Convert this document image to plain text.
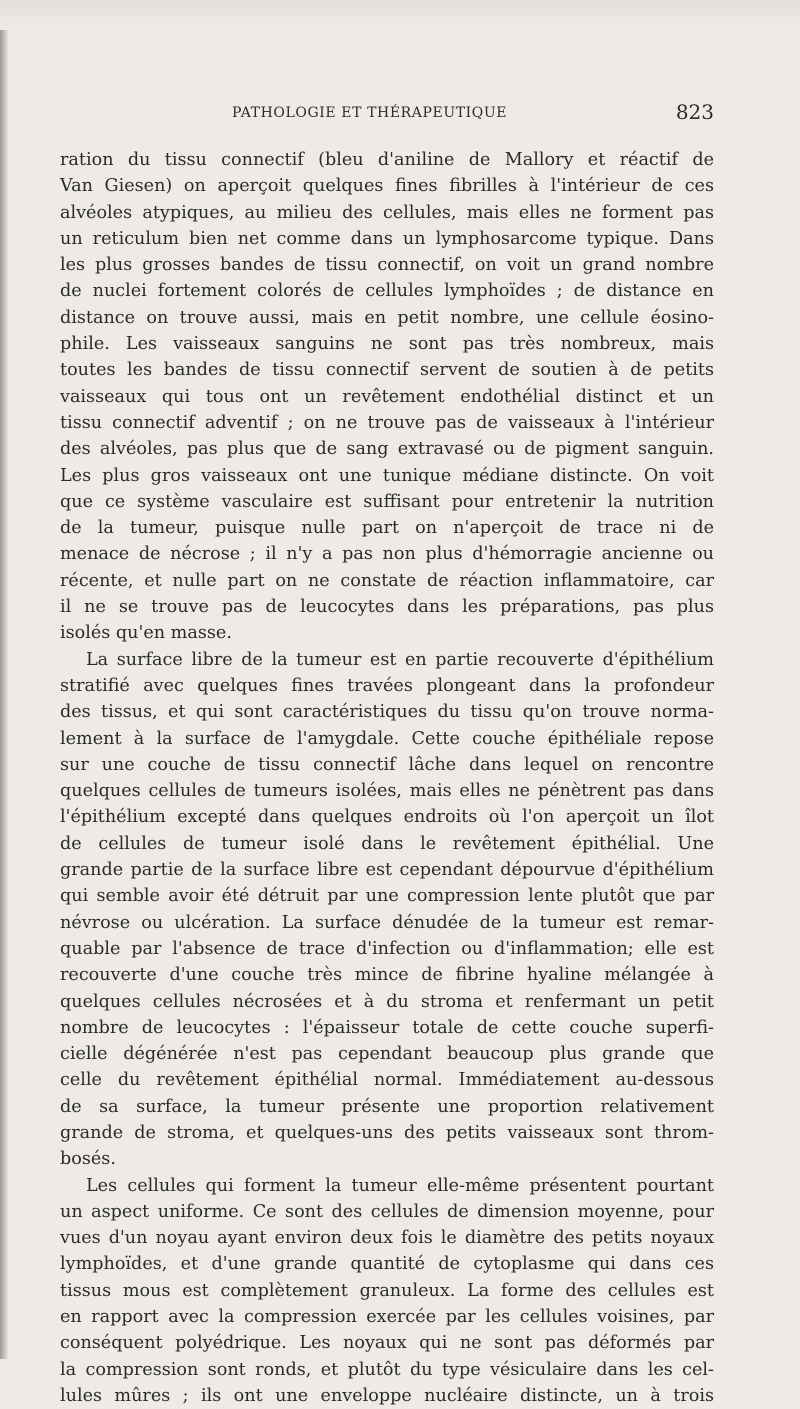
PATHOLOGIE ET THÉRAPEUTIQUE	823
ration du tissu connectif (bleu d'aniline de Mallory et réactif de
Van Giesen) on aperçoit quelques fines fibrilles à l'intérieur de ces
alvéoles atypiques, au milieu des cellules, mais elles ne forment pas
un reticulum bien net comme dans un lymphosarcome typique. Dans
les plus grosses bandes de tissu connectif, on voit un grand nombre
de nuclei fortement colorés de cellules lymphoïdes ; de distance en
distance on trouve aussi, mais en petit nombre, une cellule éosino-
phile. Les vaisseaux sanguins ne sont pas très nombreux, mais
toutes les bandes de tissu connectif servent de soutien à de petits
vaisseaux qui tous ont un revêtement endothélial distinct et un
tissu connectif adventif ; on ne trouve pas de vaisseaux à l'intérieur
des alvéoles, pas plus que de sang extravasé ou de pigment sanguin.
Les plus gros vaisseaux ont une tunique médiane distincte. On voit
que ce système vasculaire est suffisant pour entretenir la nutrition
de la tumeur, puisque nulle part on n'aperçoit de trace ni de
menace de nécrose ; il n'y a pas non plus d'hémorragie ancienne ou
récente, et nulle part on ne constate de réaction inflammatoire, car
il ne se trouve pas de leucocytes dans les préparations, pas plus
isolés qu'en masse.
La surface libre de la tumeur est en partie recouverte d'épithélium
stratifié avec quelques fines travées plongeant dans la profondeur
des tissus, et qui sont caractéristiques du tissu qu'on trouve norma-
lement à la surface de l'amygdale. Cette couche épithéliale repose
sur une couche de tissu connectif lâche dans lequel on rencontre
quelques cellules de tumeurs isolées, mais elles ne pénètrent pas dans
l'épithélium excepté dans quelques endroits où l'on aperçoit un îlot
de cellules de tumeur isolé dans le revêtement épithélial. Une
grande partie de la surface libre est cependant dépourvue d'épithélium
qui semble avoir été détruit par une compression lente plutôt que par
névrose ou ulcération. La surface dénudée de la tumeur est remar-
quable par l'absence de trace d'infection ou d'inflammation; elle est
recouverte d'une couche très mince de fibrine hyaline mélangée à
quelques cellules nécrosées et à du stroma et renfermant un petit
nombre de leucocytes : l'épaisseur totale de cette couche superfi-
cielle dégénérée n'est pas cependant beaucoup plus grande que
celle du revêtement épithélial normal. Immédiatement au-dessous
de sa surface, la tumeur présente une proportion relativement
grande de stroma, et quelques-uns des petits vaisseaux sont throm-
bosés.
Les cellules qui forment la tumeur elle-même présentent pourtant
un aspect uniforme. Ce sont des cellules de dimension moyenne, pour
vues d'un noyau ayant environ deux fois le diamètre des petits noyaux
lymphoïdes, et d'une grande quantité de cytoplasme qui dans ces
tissus mous est complètement granuleux. La forme des cellules est
en rapport avec la compression exercée par les cellules voisines, par
conséquent polyédrique. Les noyaux qui ne sont pas déformés par
la compression sont ronds, et plutôt du type vésiculaire dans les cel-
lules mûres ; ils ont une enveloppe nucléaire distincte, un à trois
